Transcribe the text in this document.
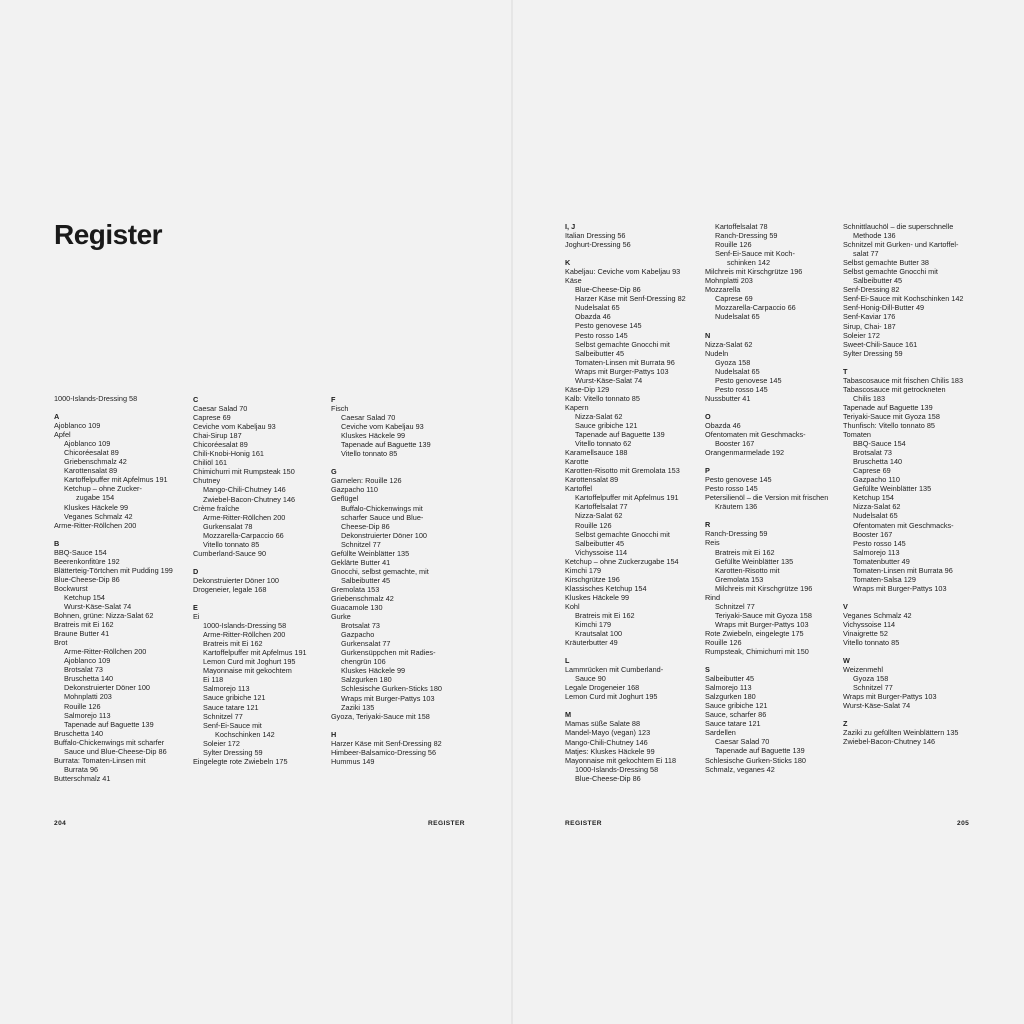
Register
1000-Islands-Dressing 58
A
Ajoblanco 109
Apfel
Ajoblanco 109
Chicoréesalat 89
Griebenschmalz 42
Karottensalat 89
Kartoffelpuffer mit Apfelmus 191
Ketchup – ohne Zucker-
zugabe 154
Kluskes Häckele 99
Veganes Schmalz 42
Arme-Ritter-Röllchen 200
B
BBQ-Sauce 154
Beerenkonfitüre 192
Blätterteig-Törtchen mit Pudding 199
Blue-Cheese-Dip 86
Bockwurst
Ketchup 154
Wurst-Käse-Salat 74
Bohnen, grüne: Nizza-Salat 62
Bratreis mit Ei 162
Braune Butter 41
Brot
Arme-Ritter-Röllchen 200
Ajoblanco 109
Brotsalat 73
Bruschetta 140
Dekonstruierter Döner 100
Mohnplatti 203
Rouille 126
Salmorejo 113
Tapenade auf Baguette 139
Bruschetta 140
Buffalo-Chickenwings mit scharfer
Sauce und Blue-Cheese-Dip 86
Burrata: Tomaten-Linsen mit
Burrata 96
Butterschmalz 41
C
Caesar Salad 70
Caprese 69
Ceviche vom Kabeljau 93
Chai-Sirup 187
Chicoréesalat 89
Chili-Knobi-Honig 161
Chiliöl 161
Chimichurri mit Rumpsteak 150
Chutney
Mango-Chili-Chutney 146
Zwiebel-Bacon-Chutney 146
Crème fraîche
Arme-Ritter-Röllchen 200
Gurkensalat 78
Mozzarella-Carpaccio 66
Vitello tonnato 85
Cumberland-Sauce 90
D
Dekonstruierter Döner 100
Drogeneier, legale 168
E
Ei
1000-Islands-Dressing 58
Arme-Ritter-Röllchen 200
Bratreis mit Ei 162
Kartoffelpuffer mit Apfelmus 191
Lemon Curd mit Joghurt 195
Mayonnaise mit gekochtem
Ei 118
Salmorejo 113
Sauce gribiche 121
Sauce tatare 121
Schnitzel 77
Senf-Ei-Sauce mit
Kochschinken 142
Soleier 172
Sylter Dressing 59
Eingelegte rote Zwiebeln 175
F
Fisch
Caesar Salad 70
Ceviche vom Kabeljau 93
Kluskes Häckele 99
Tapenade auf Baguette 139
Vitello tonnato 85
G
Garnelen: Rouille 126
Gazpacho 110
Geflügel
Buffalo-Chickenwings mit
scharfer Sauce und Blue-
Cheese-Dip 86
Dekonstruierter Döner 100
Schnitzel 77
Gefüllte Weinblätter 135
Geklärte Butter 41
Gnocchi, selbst gemachte, mit
Salbeibutter 45
Gremolata 153
Griebenschmalz 42
Guacamole 130
Gurke
Brotsalat 73
Gazpacho
Gurkensalat 77
Gurkensüppchen mit Radies-
chengrün 106
Kluskes Häckele 99
Salzgurken 180
Schlesische Gurken-Sticks 180
Wraps mit Burger-Pattys 103
Zaziki 135
Gyoza, Teriyaki-Sauce mit 158
H
Harzer Käse mit Senf-Dressing 82
Himbeer-Balsamico-Dressing 56
Hummus 149
I, J
Italian Dressing 56
Joghurt-Dressing 56
K
Kabeljau: Ceviche vom Kabeljau 93
Käse
Blue-Cheese-Dip 86
Harzer Käse mit Senf-Dressing 82
Nudelsalat 65
Obazda 46
Pesto genovese 145
Pesto rosso 145
Selbst gemachte Gnocchi mit
Salbeibutter 45
Tomaten-Linsen mit Burrata 96
Wraps mit Burger-Pattys 103
Wurst-Käse-Salat 74
Käse-Dip 129
Kalb: Vitello tonnato 85
Kapern
Nizza-Salat 62
Sauce gribiche 121
Tapenade auf Baguette 139
Vitello tonnato 62
Karamellsauce 188
Karotte
Karotten-Risotto mit Gremolata 153
Karottensalat 89
Kartoffel
Kartoffelpuffer mit Apfelmus 191
Kartoffelsalat 77
Nizza-Salat 62
Rouille 126
Selbst gemachte Gnocchi mit
Salbeibutter 45
Vichyssoise 114
Ketchup – ohne Zuckerzugabe 154
Kimchi 179
Kirschgrütze 196
Klassisches Ketchup 154
Kluskes Häckele 99
Kohl
Bratreis mit Ei 162
Kimchi 179
Krautsalat 100
Kräuterbutter 49
L
Lammrücken mit Cumberland-
Sauce 90
Legale Drogeneier 168
Lemon Curd mit Joghurt 195
M
Mamas süße Salate 88
Mandel-Mayo (vegan) 123
Mango-Chili-Chutney 146
Matjes: Kluskes Häckele 99
Mayonnaise mit gekochtem Ei 118
1000-Islands-Dressing 58
Blue-Cheese-Dip 86
Kartoffelsalat 78
Ranch-Dressing 59
Rouille 126
Senf-Ei-Sauce mit Koch-
schinken 142
Milchreis mit Kirschgrütze 196
Mohnplatti 203
Mozzarella
Caprese 69
Mozzarella-Carpaccio 66
Nudelsalat 65
N
Nizza-Salat 62
Nudeln
Gyoza 158
Nudelsalat 65
Pesto genovese 145
Pesto rosso 145
Nussbutter 41
O
Obazda 46
Ofentomaten mit Geschmacks-
Booster 167
Orangenmarmelade 192
P
Pesto genovese 145
Pesto rosso 145
Petersilienöl – die Version mit frischen
Kräutern 136
R
Ranch-Dressing 59
Reis
Bratreis mit Ei 162
Gefüllte Weinblätter 135
Karotten-Risotto mit
Gremolata 153
Milchreis mit Kirschgrütze 196
Rind
Schnitzel 77
Teriyaki-Sauce mit Gyoza 158
Wraps mit Burger-Pattys 103
Rote Zwiebeln, eingelegte 175
Rouille 126
Rumpsteak, Chimichurri mit 150
S
Salbeibutter 45
Salmorejo 113
Salzgurken 180
Sauce gribiche 121
Sauce, scharfer 86
Sauce tatare 121
Sardellen
Caesar Salad 70
Tapenade auf Baguette 139
Schlesische Gurken-Sticks 180
Schmalz, veganes 42
Schnittlauchöl – die superschnelle
Methode 136
Schnitzel mit Gurken- und Kartoffel-
salat 77
Selbst gemachte Butter 38
Selbst gemachte Gnocchi mit
Salbeibutter 45
Senf-Dressing 82
Senf-Ei-Sauce mit Kochschinken 142
Senf-Honig-Dill-Butter 49
Senf-Kaviar 176
Sirup, Chai- 187
Soleier 172
Sweet-Chili-Sauce 161
Sylter Dressing 59
T
Tabascosauce mit frischen Chilis 183
Tabascosauce mit getrockneten
Chilis 183
Tapenade auf Baguette 139
Teriyaki-Sauce mit Gyoza 158
Thunfisch: Vitello tonnato 85
Tomaten
BBQ-Sauce 154
Brotsalat 73
Bruschetta 140
Caprese 69
Gazpacho 110
Gefüllte Weinblätter 135
Ketchup 154
Nizza-Salat 62
Nudelsalat 65
Ofentomaten mit Geschmacks-
Booster 167
Pesto rosso 145
Salmorejo 113
Tomatenbutter 49
Tomaten-Linsen mit Burrata 96
Tomaten-Salsa 129
Wraps mit Burger-Pattys 103
V
Veganes Schmalz 42
Vichyssoise 114
Vinaigrette 52
Vitello tonnato 85
W
Weizenmehl
Gyoza 158
Schnitzel 77
Wraps mit Burger-Pattys 103
Wurst-Käse-Salat 74
Z
Zaziki zu gefüllten Weinblättern 135
Zwiebel-Bacon-Chutney 146
204	REGISTER	REGISTER	205
